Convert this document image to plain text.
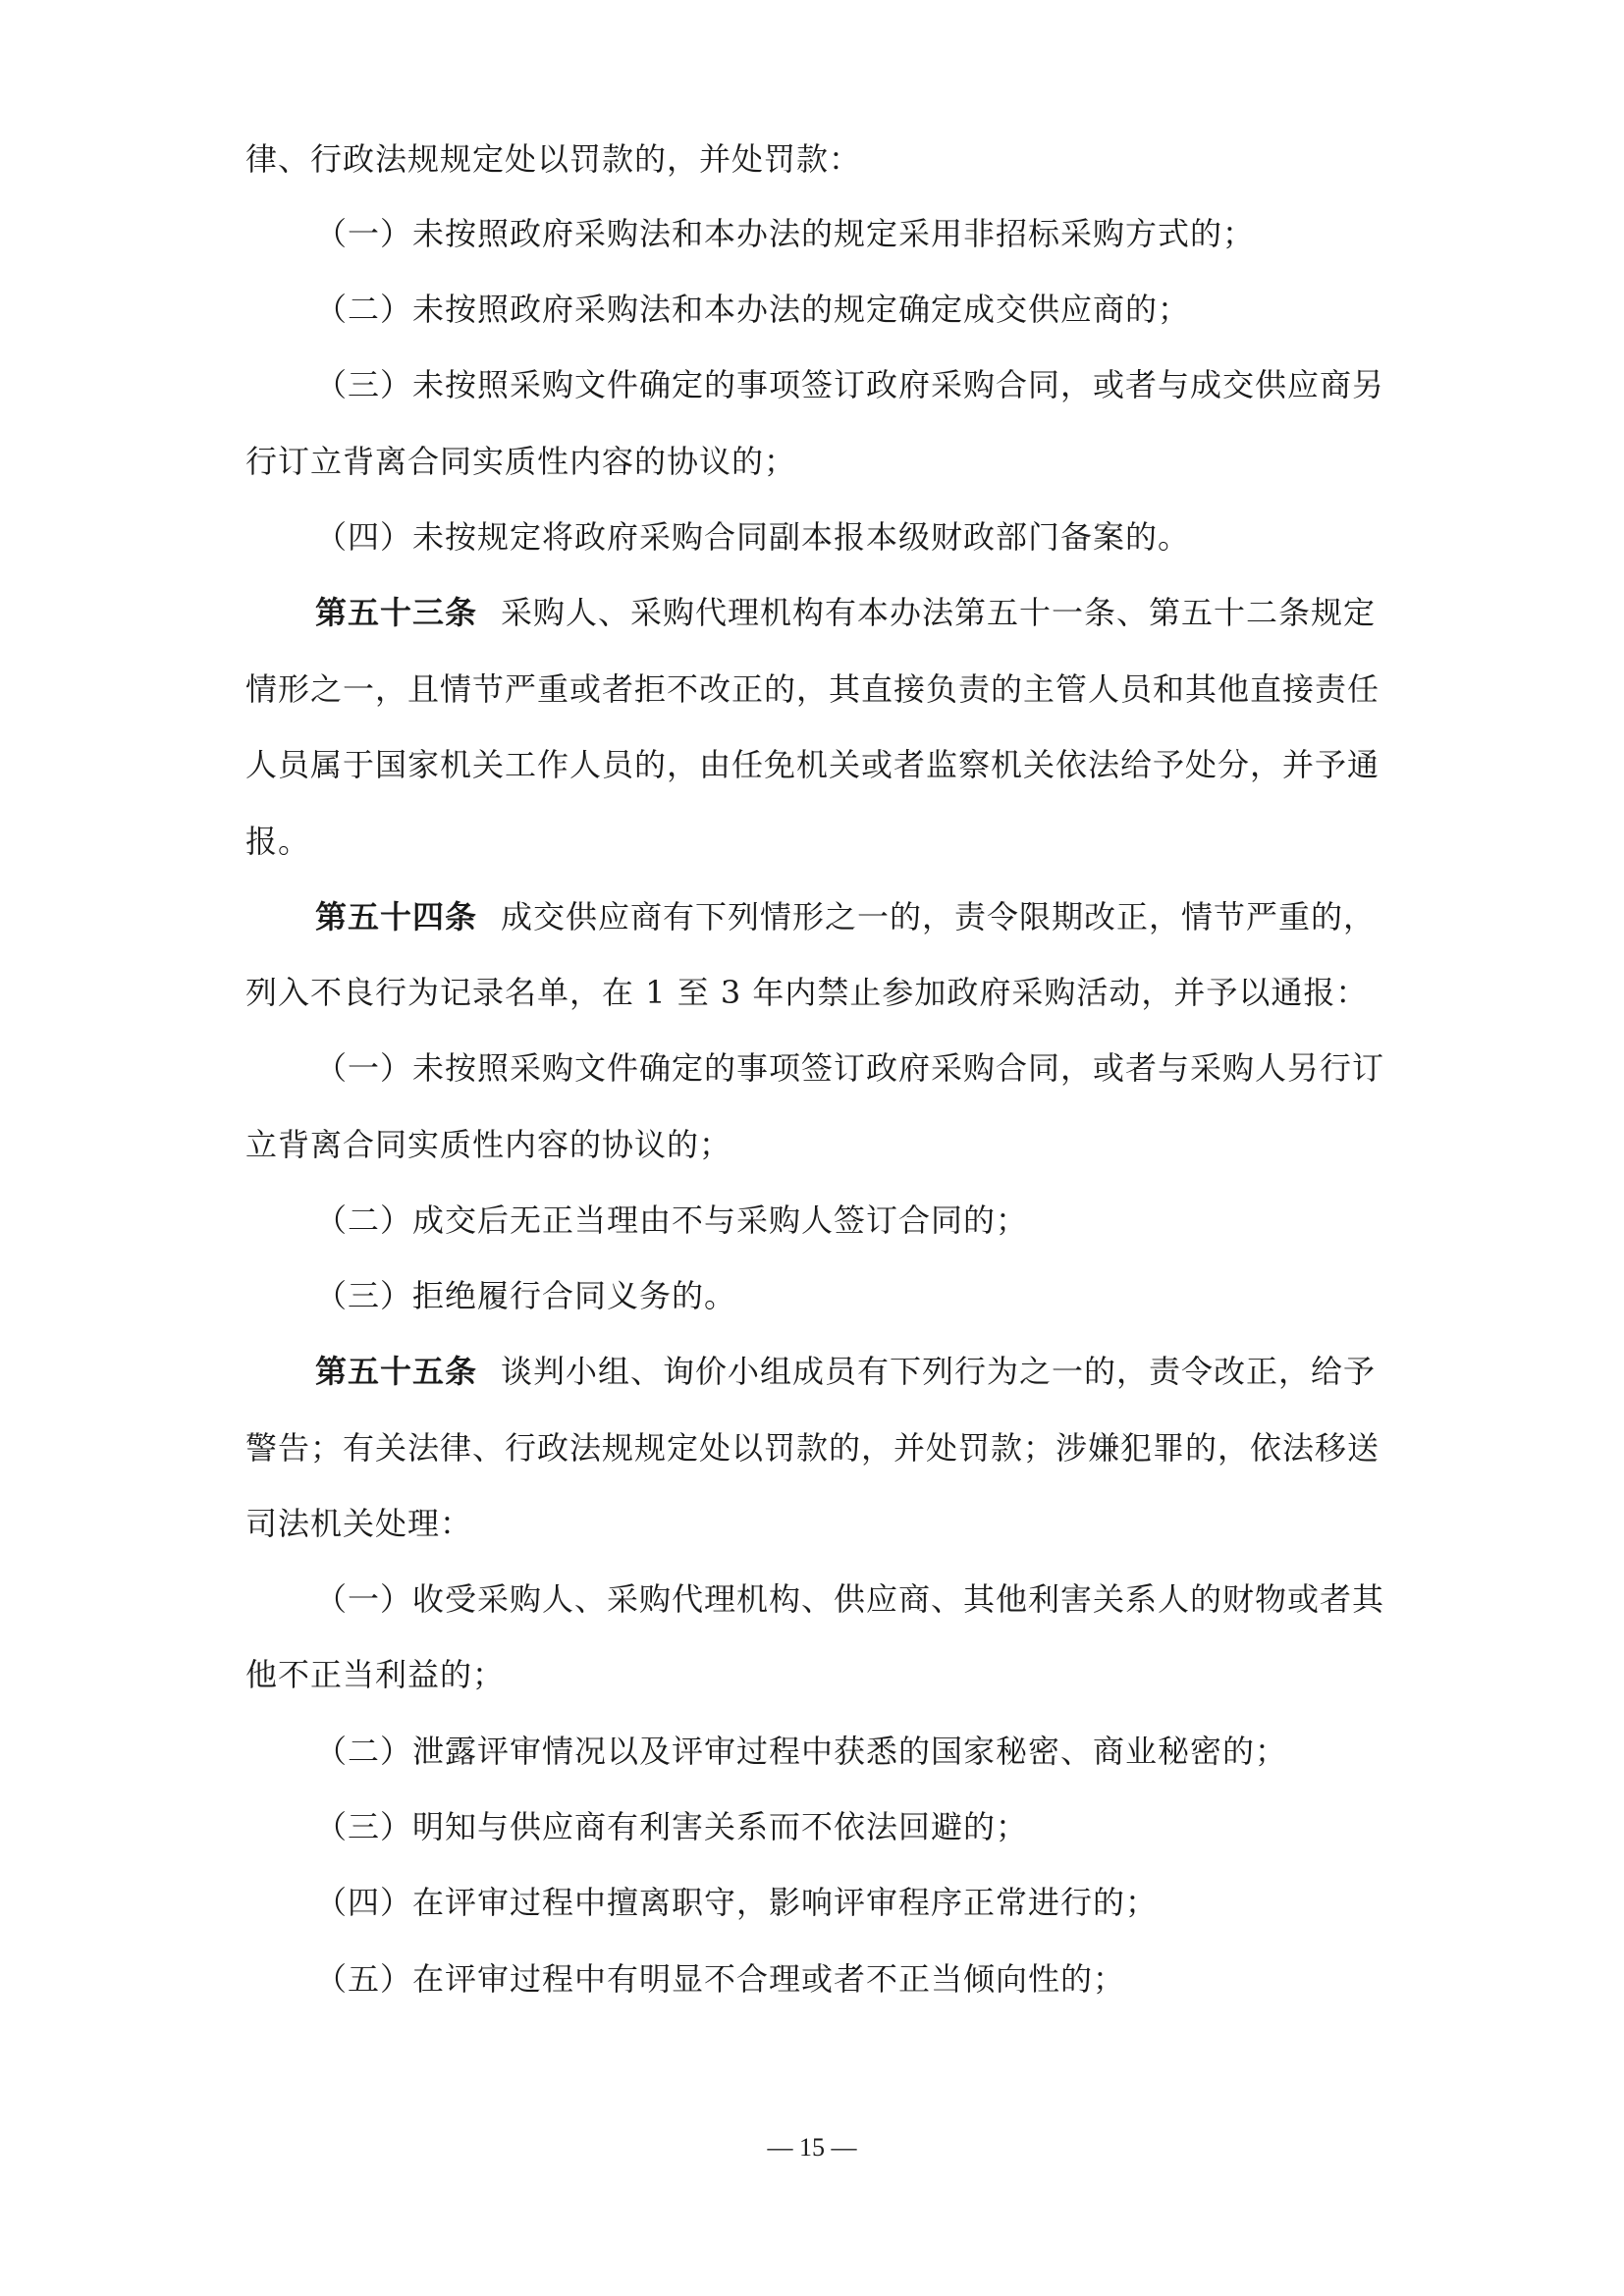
律、行政法规规定处以罚款的，并处罚款：
（一）未按照政府采购法和本办法的规定采用非招标采购方式的；
（二）未按照政府采购法和本办法的规定确定成交供应商的；
（三）未按照采购文件确定的事项签订政府采购合同，或者与成交供应商另
行订立背离合同实质性内容的协议的；
（四）未按规定将政府采购合同副本报本级财政部门备案的。
第五十三条 采购人、采购代理机构有本办法第五十一条、第五十二条规定
情形之一，且情节严重或者拒不改正的，其直接负责的主管人员和其他直接责任
人员属于国家机关工作人员的，由任免机关或者监察机关依法给予处分，并予通
报。
第五十四条 成交供应商有下列情形之一的，责令限期改正，情节严重的，
列入不良行为记录名单，在 1 至 3 年内禁止参加政府采购活动，并予以通报：
（一）未按照采购文件确定的事项签订政府采购合同，或者与采购人另行订
立背离合同实质性内容的协议的；
（二）成交后无正当理由不与采购人签订合同的；
（三）拒绝履行合同义务的。
第五十五条 谈判小组、询价小组成员有下列行为之一的，责令改正，给予
警告；有关法律、行政法规规定处以罚款的，并处罚款；涉嫌犯罪的，依法移送
司法机关处理：
（一）收受采购人、采购代理机构、供应商、其他利害关系人的财物或者其
他不正当利益的；
（二）泄露评审情况以及评审过程中获悉的国家秘密、商业秘密的；
（三）明知与供应商有利害关系而不依法回避的；
（四）在评审过程中擅离职守，影响评审程序正常进行的；
（五）在评审过程中有明显不合理或者不正当倾向性的；
— 15 —
